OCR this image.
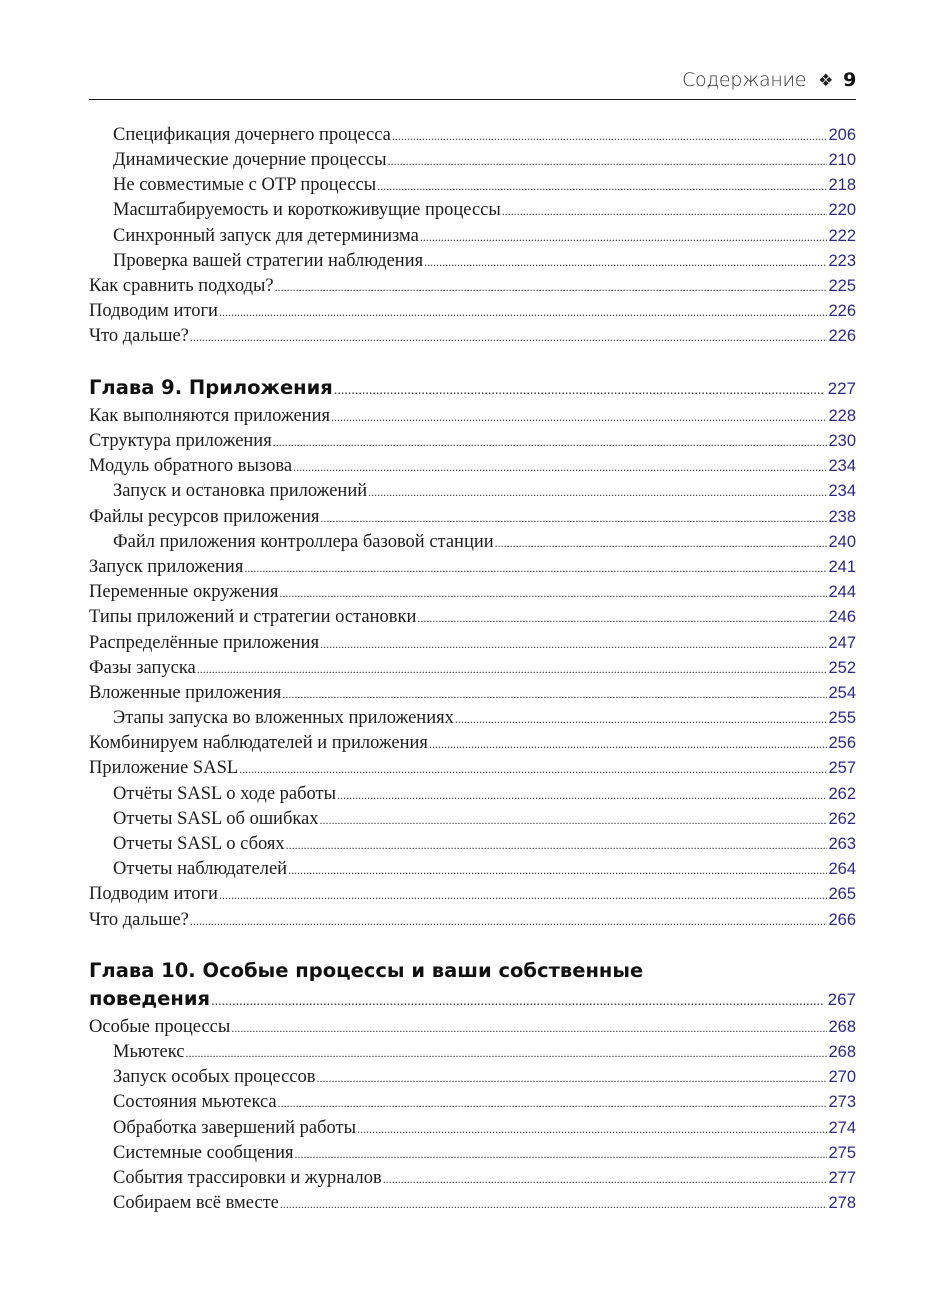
Содержание ❖ 9
Спецификация дочернего процесса .....	206
Динамические дочерние процессы .....	210
Не совместимые с OTP процессы .....	218
Масштабируемость и короткоживущие процессы .....	220
Синхронный запуск для детерминизма .....	222
Проверка вашей стратегии наблюдения .....	223
Как сравнить подходы? .....	225
Подводим итоги .....	226
Что дальше? .....	226
Глава 9. Приложения .....	227
Как выполняются приложения .....	228
Структура приложения .....	230
Модуль обратного вызова .....	234
Запуск и остановка приложений .....	234
Файлы ресурсов приложения .....	238
Файл приложения контроллера базовой станции .....	240
Запуск приложения .....	241
Переменные окружения .....	244
Типы приложений и стратегии остановки .....	246
Распределённые приложения .....	247
Фазы запуска .....	252
Вложенные приложения .....	254
Этапы запуска во вложенных приложениях .....	255
Комбинируем наблюдателей и приложения .....	256
Приложение SASL .....	257
Отчёты SASL о ходе работы .....	262
Отчеты SASL об ошибках .....	262
Отчеты SASL о сбоях .....	263
Отчеты наблюдателей .....	264
Подводим итоги .....	265
Что дальше? .....	266
Глава 10. Особые процессы и ваши собственные
поведения .....	267
Особые процессы .....	268
Мьютекс .....	268
Запуск особых процессов .....	270
Состояния мьютекса .....	273
Обработка завершений работы .....	274
Системные сообщения .....	275
События трассировки и журналов .....	277
Собираем всё вместе .....	278
